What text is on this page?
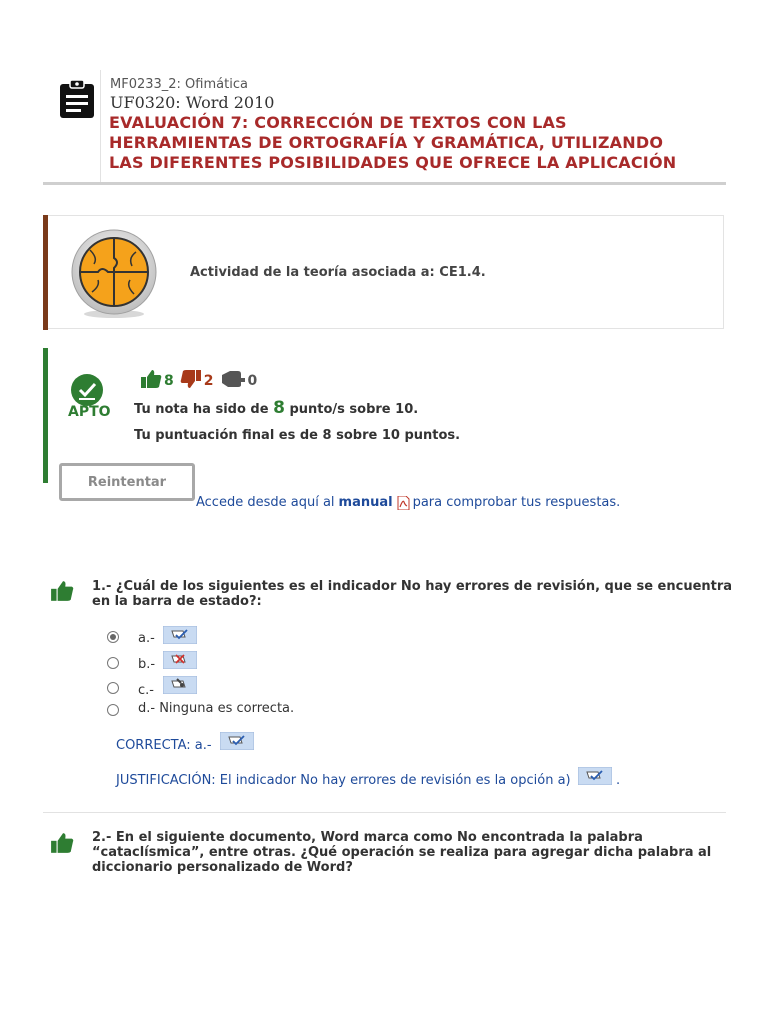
MF0233_2: Ofimática
UF0320: Word 2010
EVALUACIÓN 7: CORRECCIÓN DE TEXTOS CON LAS
HERRAMIENTAS DE ORTOGRAFÍA Y GRAMÁTICA, UTILIZANDO
LAS DIFERENTES POSIBILIDADES QUE OFRECE LA APLICACIÓN
Actividad de la teoría asociada a: CE1.4.
APTO
8 2 0
Tu nota ha sido de 8 punto/s sobre 10.
Tu puntuación final es de 8 sobre 10 puntos.
Reintentar
Accede desde aquí al manual para comprobar tus respuestas.
1.- ¿Cuál de los siguientes es el indicador No hay errores de revisión, que se encuentra
en la barra de estado?:
a.-
b.-
c.-
d.- Ninguna es correcta.
CORRECTA: a.-
JUSTIFICACIÓN: El indicador No hay errores de revisión es la opción a)	.
2.- En el siguiente documento, Word marca como No encontrada la palabra
“cataclísmica”, entre otras. ¿Qué operación se realiza para agregar dicha palabra al
diccionario personalizado de Word?
